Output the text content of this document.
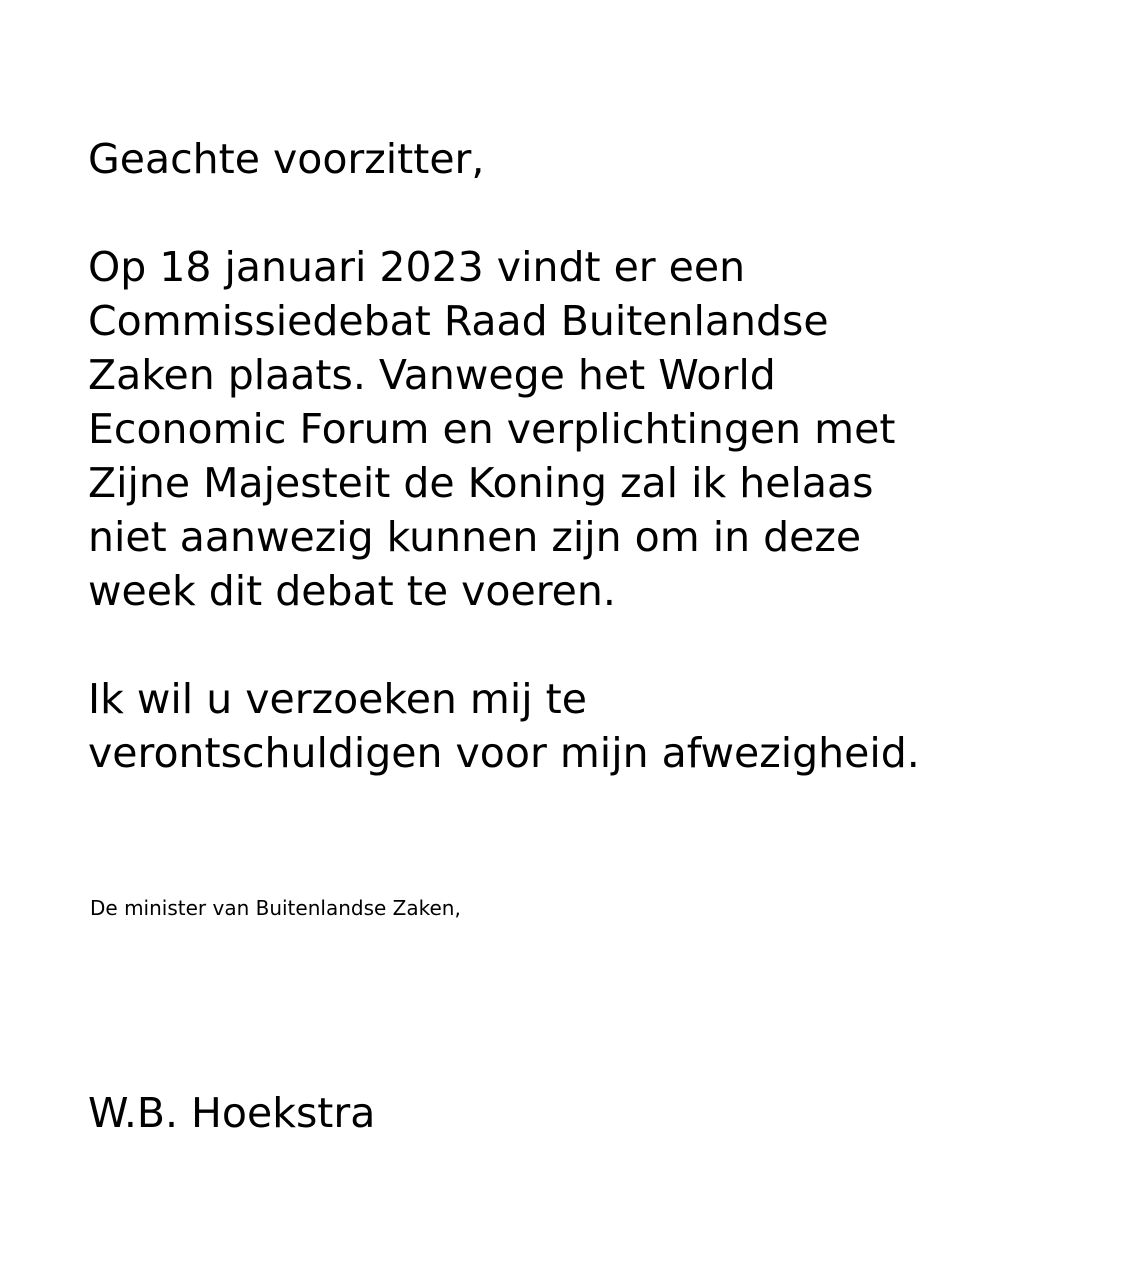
Geachte voorzitter,

Op 18 januari 2023 vindt er een
Commissiedebat Raad Buitenlandse
Zaken plaats. Vanwege het World
Economic Forum en verplichtingen met
Zijne Majesteit de Koning zal ik helaas
niet aanwezig kunnen zijn om in deze
week dit debat te voeren.

Ik wil u verzoeken mij te
verontschuldigen voor mijn afwezigheid.

De minister van Buitenlandse Zaken,

W.B. Hoekstra
